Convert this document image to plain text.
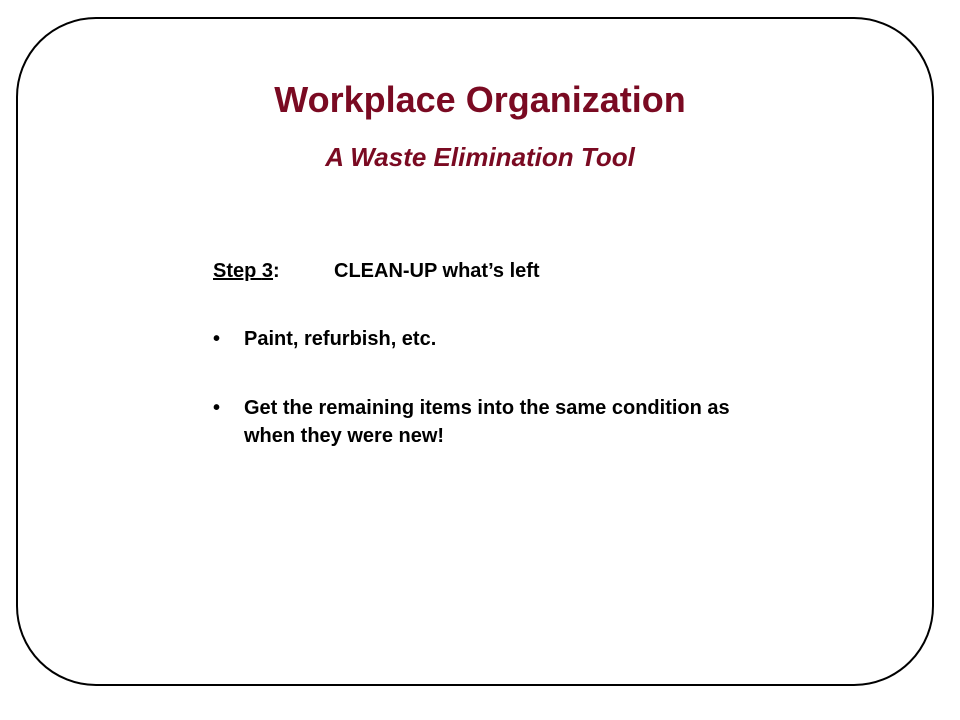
Workplace Organization
A Waste Elimination Tool
Step 3:	CLEAN-UP what’s left
• Paint, refurbish, etc.
• Get the remaining items into the same condition as when they were new!
